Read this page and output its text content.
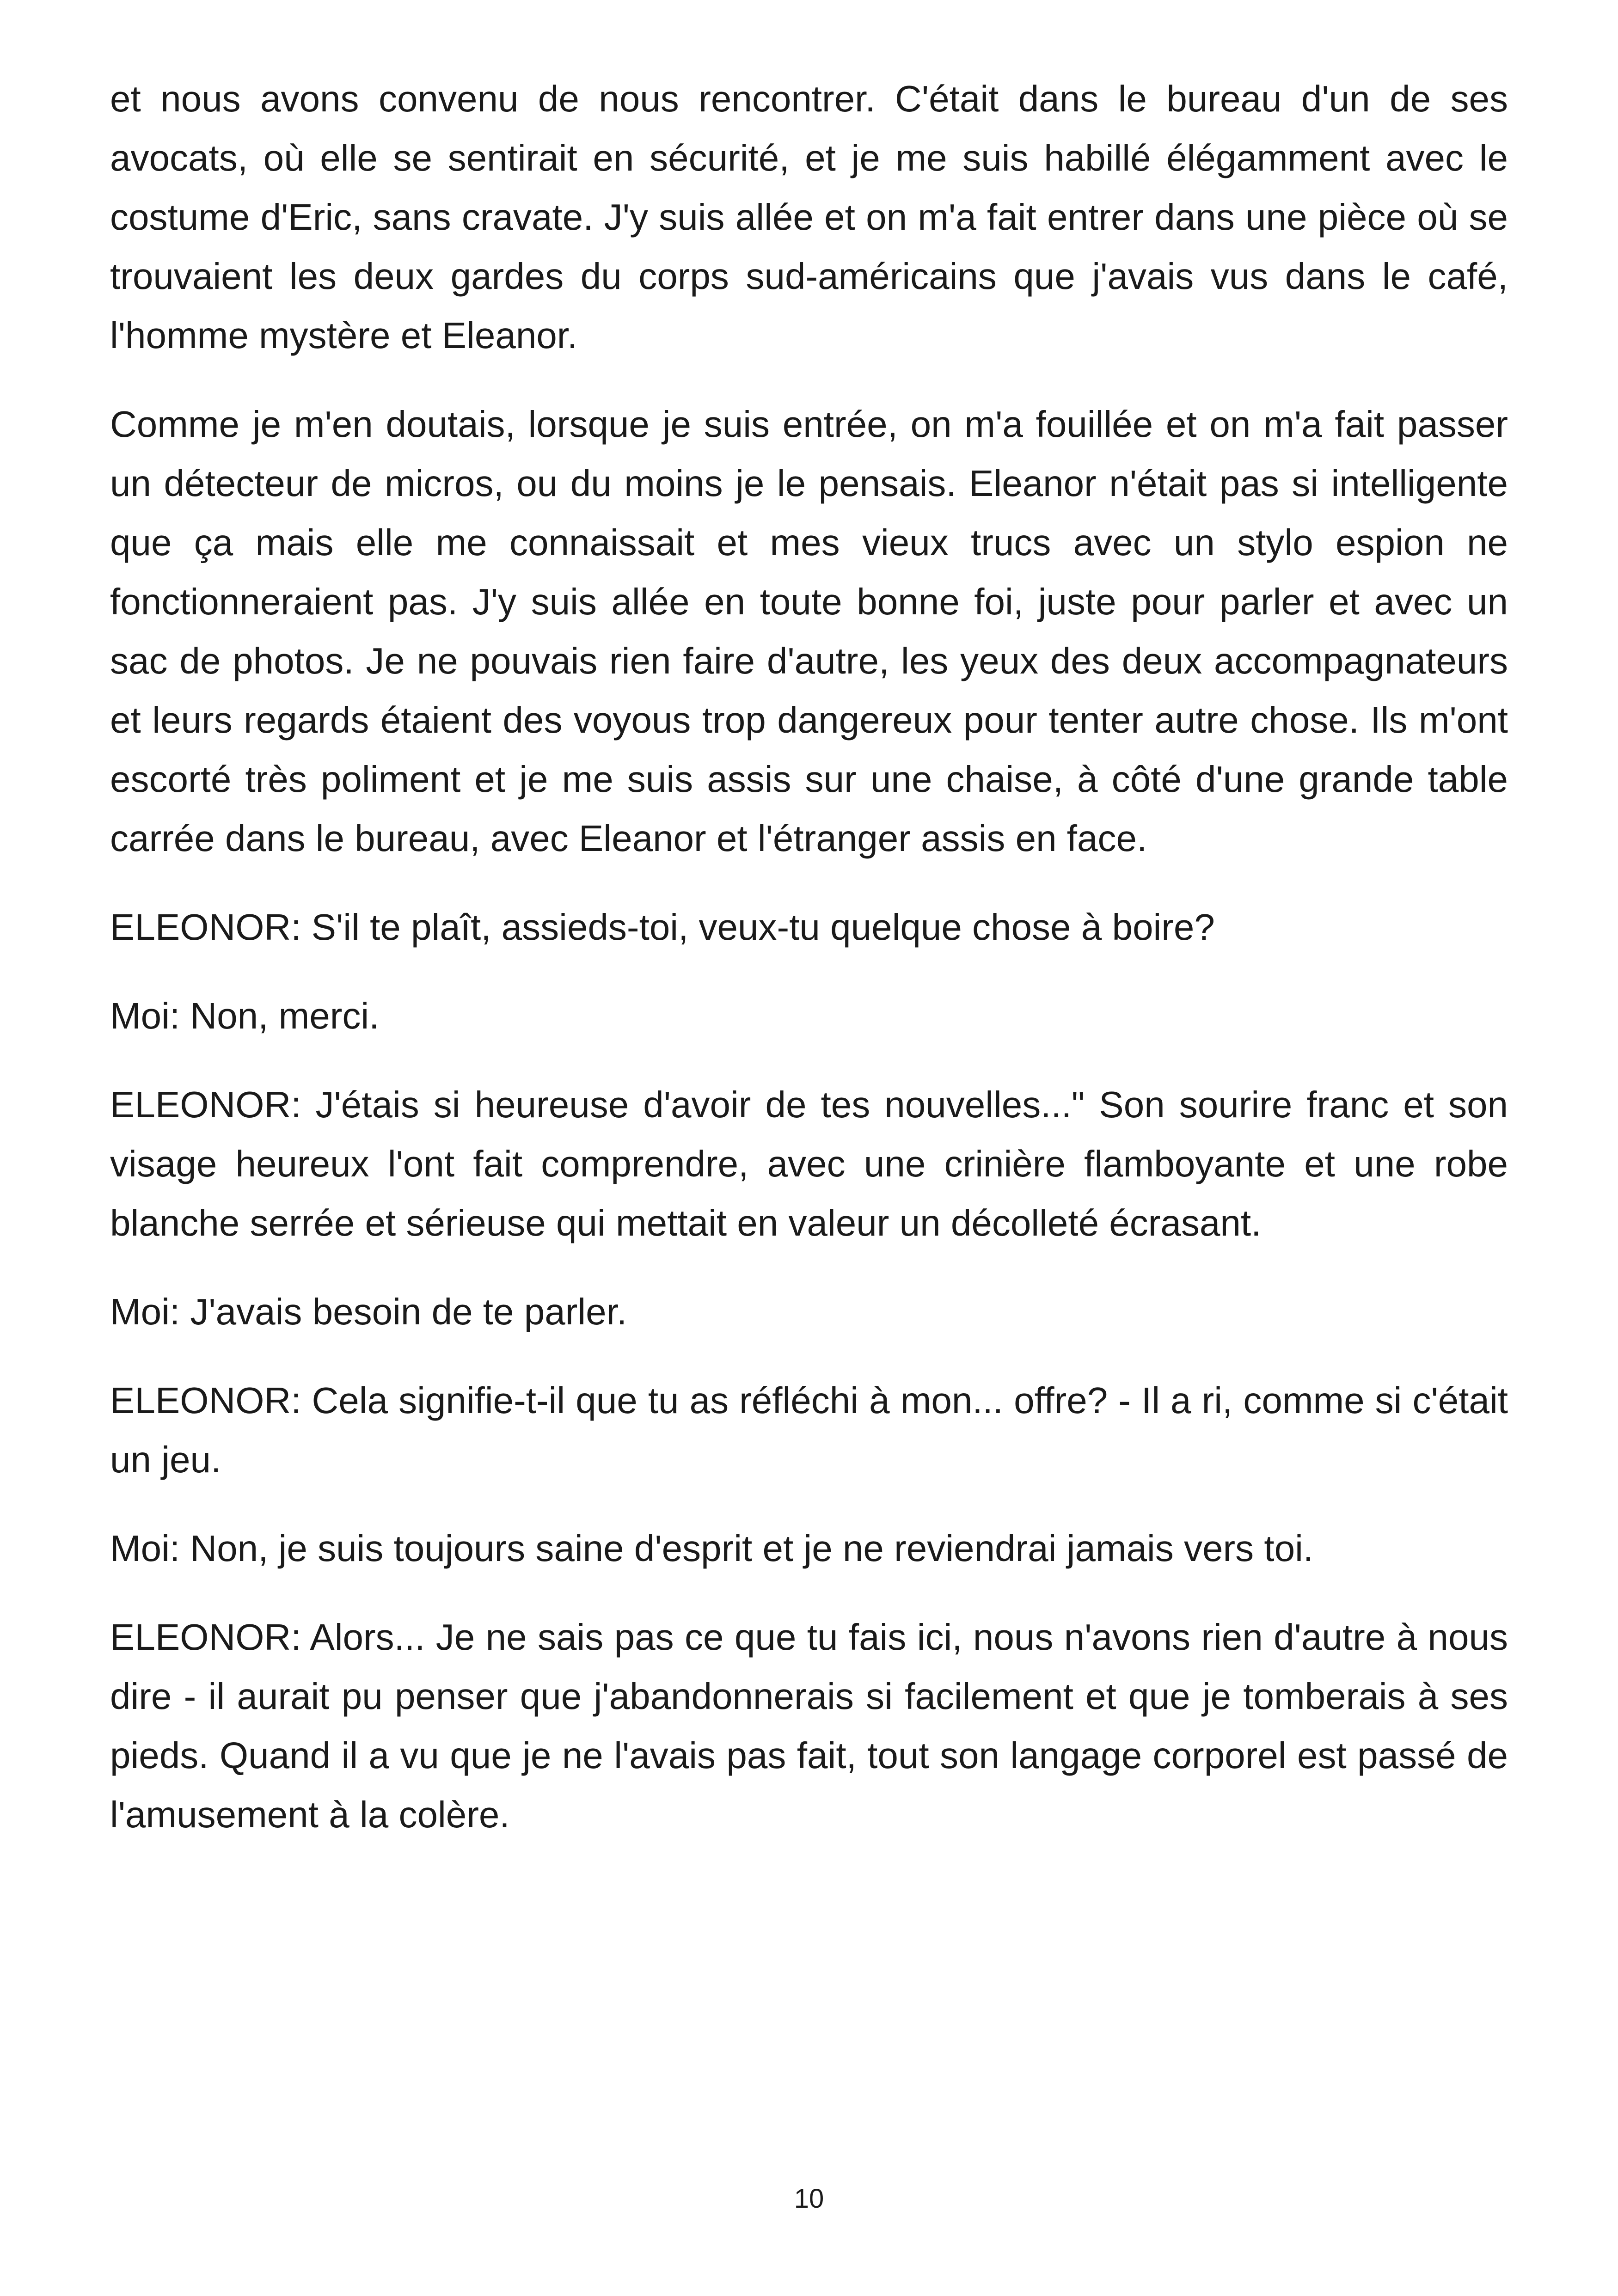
et nous avons convenu de nous rencontrer. C'était dans le bureau d'un de ses avocats, où elle se sentirait en sécurité, et je me suis habillé élégamment avec le costume d'Eric, sans cravate. J'y suis allée et on m'a fait entrer dans une pièce où se trouvaient les deux gardes du corps sud-américains que j'avais vus dans le café, l'homme mystère et Eleanor.

Comme je m'en doutais, lorsque je suis entrée, on m'a fouillée et on m'a fait passer un détecteur de micros, ou du moins je le pensais. Eleanor n'était pas si intelligente que ça mais elle me connaissait et mes vieux trucs avec un stylo espion ne fonctionneraient pas. J'y suis allée en toute bonne foi, juste pour parler et avec un sac de photos. Je ne pouvais rien faire d'autre, les yeux des deux accompagnateurs et leurs regards étaient des voyous trop dangereux pour tenter autre chose. Ils m'ont escorté très poliment et je me suis assis sur une chaise, à côté d'une grande table carrée dans le bureau, avec Eleanor et l'étranger assis en face.

ELEONOR: S'il te plaît, assieds-toi, veux-tu quelque chose à boire?

Moi: Non, merci.

ELEONOR: J'étais si heureuse d'avoir de tes nouvelles..." Son sourire franc et son visage heureux l'ont fait comprendre, avec une crinière flamboyante et une robe blanche serrée et sérieuse qui mettait en valeur un décolleté écrasant.

Moi: J'avais besoin de te parler.

ELEONOR: Cela signifie-t-il que tu as réfléchi à mon... offre? - Il a ri, comme si c'était un jeu.

Moi: Non, je suis toujours saine d'esprit et je ne reviendrai jamais vers toi.

ELEONOR: Alors... Je ne sais pas ce que tu fais ici, nous n'avons rien d'autre à nous dire - il aurait pu penser que j'abandonnerais si facilement et que je tomberais à ses pieds. Quand il a vu que je ne l'avais pas fait, tout son langage corporel est passé de l'amusement à la colère.

10
